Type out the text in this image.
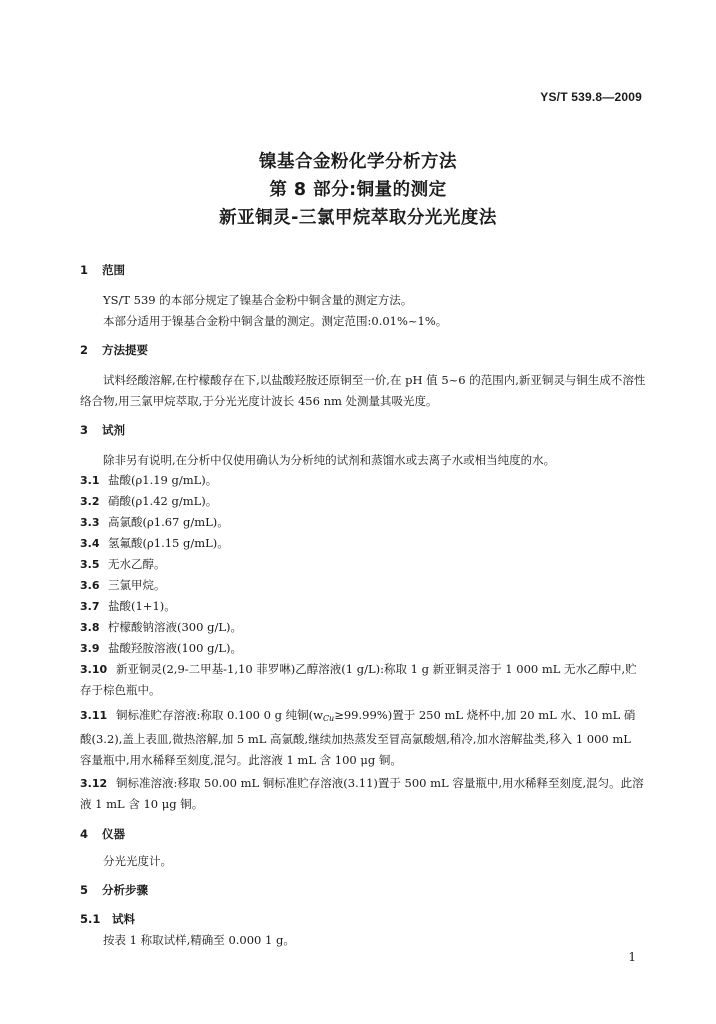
YS/T 539.8—2009
镍基合金粉化学分析方法
第 8 部分:铜量的测定
新亚铜灵-三氯甲烷萃取分光光度法
1 范围
YS/T 539 的本部分规定了镍基合金粉中铜含量的测定方法。
本部分适用于镍基合金粉中铜含量的测定。测定范围:0.01%~1%。
2 方法提要
试料经酸溶解,在柠檬酸存在下,以盐酸羟胺还原铜至一价,在 pH 值 5~6 的范围内,新亚铜灵与铜生成不溶性络合物,用三氯甲烷萃取,于分光光度计波长 456 nm 处测量其吸光度。
3 试剂
除非另有说明,在分析中仅使用确认为分析纯的试剂和蒸馏水或去离子水或相当纯度的水。
3.1 盐酸(ρ1.19 g/mL)。
3.2 硝酸(ρ1.42 g/mL)。
3.3 高氯酸(ρ1.67 g/mL)。
3.4 氢氟酸(ρ1.15 g/mL)。
3.5 无水乙醇。
3.6 三氯甲烷。
3.7 盐酸(1+1)。
3.8 柠檬酸钠溶液(300 g/L)。
3.9 盐酸羟胺溶液(100 g/L)。
3.10 新亚铜灵(2,9-二甲基-1,10 菲罗啉)乙醇溶液(1 g/L):称取 1 g 新亚铜灵溶于 1 000 mL 无水乙醇中,贮存于棕色瓶中。
3.11 铜标准贮存溶液:称取 0.100 0 g 纯铜$(w_{Cu}\ge 99.99\%)$置于 250 mL 烧杯中,加 20 mL 水、10 mL 硝酸(3.2),盖上表皿,微热溶解,加 5 mL 高氯酸,继续加热蒸发至冒高氯酸烟,稍冷,加水溶解盐类,移入 1 000 mL 容量瓶中,用水稀释至刻度,混匀。此溶液 1 mL 含 100 μg 铜。
3.12 铜标准溶液:移取 50.00 mL 铜标准贮存溶液(3.11)置于 500 mL 容量瓶中,用水稀释至刻度,混匀。此溶液 1 mL 含 10 μg 铜。
4 仪器
分光光度计。
5 分析步骤
5.1 试料
按表 1 称取试样,精确至 0.000 1 g。
1
